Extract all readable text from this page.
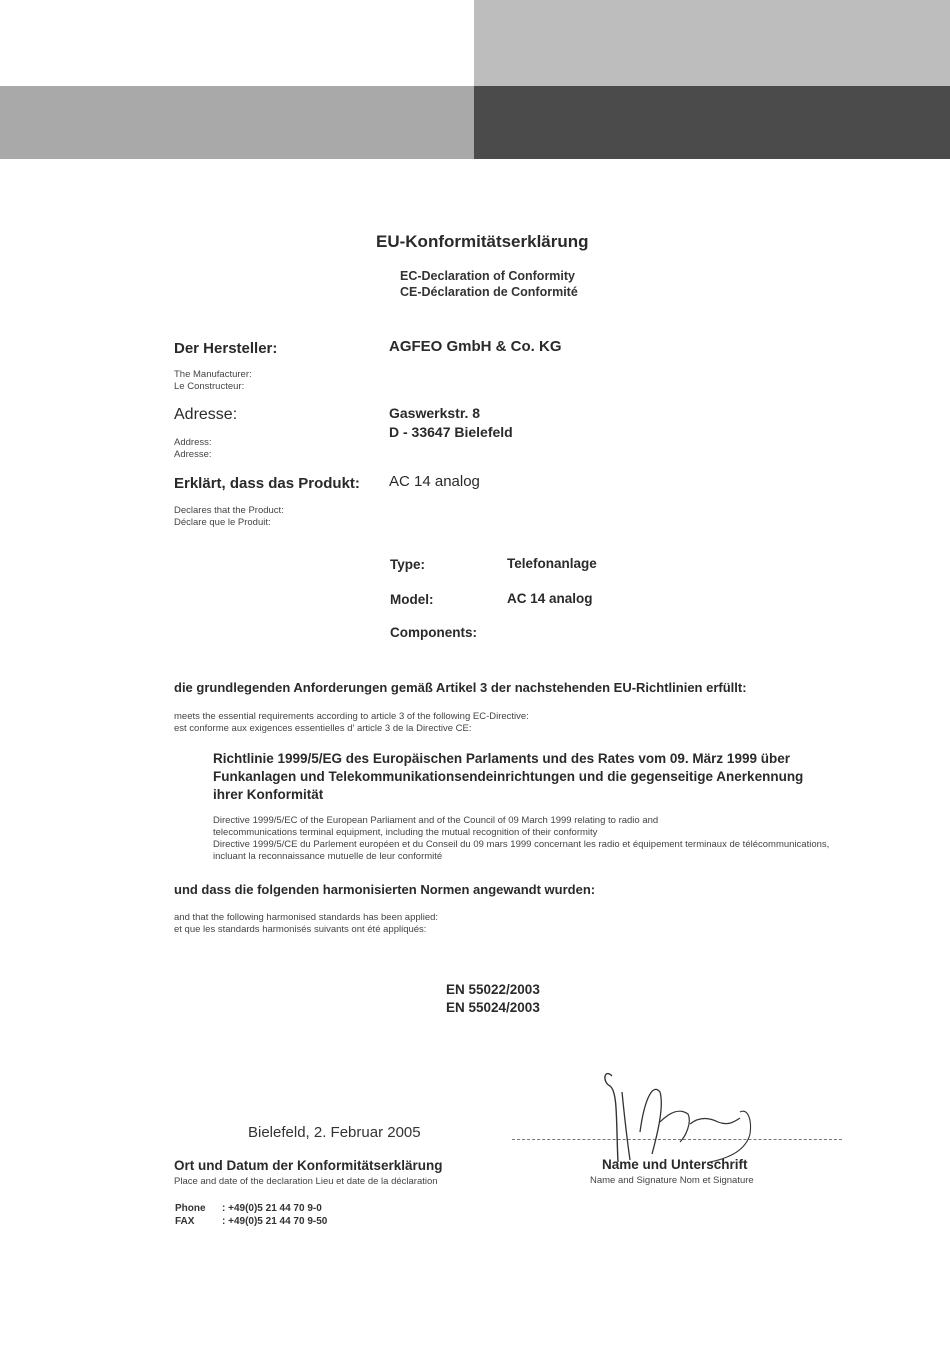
EU-Konformitätserklärung
EC-Declaration of Conformity
CE-Déclaration de Conformité
Der Hersteller:	AGFEO GmbH & Co. KG
The Manufacturer:
Le Constructeur:
Adresse:	Gaswerkstr. 8
D - 33647 Bielefeld
Address:
Adresse:
Erklärt, dass das Produkt: AC 14 analog
Declares that the Product:
Déclare que le Produit:
Type:	Telefonanlage
Model:	AC 14 analog
Components:
die grundlegenden Anforderungen gemäß Artikel 3 der nachstehenden EU-Richtlinien erfüllt:
meets the essential requirements according to article 3 of the following EC-Directive:
est conforme aux exigences essentielles d' article 3 de la Directive CE:
Richtlinie 1999/5/EG des Europäischen Parlaments und des Rates vom 09. März 1999 über Funkanlagen und Telekommunikationsendeinrichtungen und die gegenseitige Anerkennung ihrer Konformität
Directive 1999/5/EC of the European Parliament and of the Council of 09 March 1999 relating to radio and telecommunications terminal equipment, including the mutual recognition of their conformity
Directive 1999/5/CE du Parlement européen et du Conseil du 09 mars 1999 concernant les radio et équipement terminaux de télécommunications, incluant la reconnaissance mutuelle de leur conformité
und dass die folgenden harmonisierten Normen angewandt wurden:
and that the following harmonised standards has been applied:
et que les standards harmonisés suivants ont été appliqués:
EN 55022/2003
EN 55024/2003
Bielefeld, 2. Februar 2005
Ort und Datum der Konformitätserklärung
Place and date of the declaration Lieu et date de la déclaration
Name und Unterschrift
Name and Signature Nom et Signature
Phone : +49(0)5 21 44 70 9-0
FAX	: +49(0)5 21 44 70 9-50
